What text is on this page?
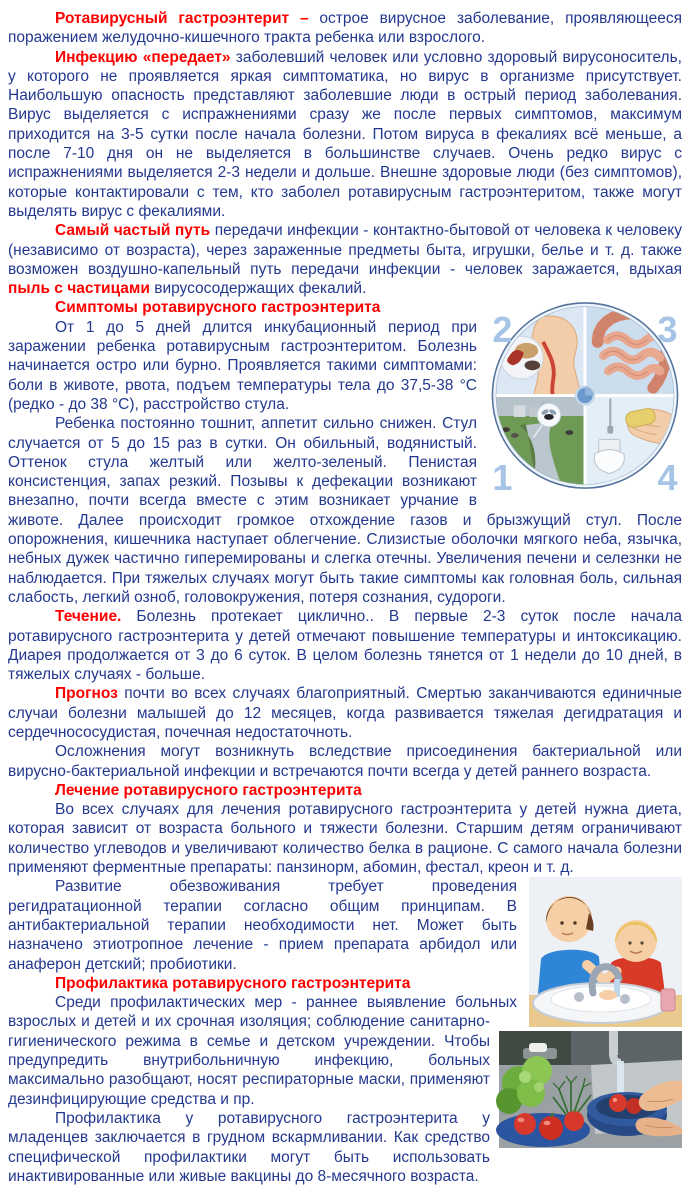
Ротавирусный гастроэнтерит – острое вирусное заболевание, проявляющееся поражением желудочно-кишечного тракта ребенка или взрослого.

Инфекцию «передает» заболевший человек или условно здоровый вирусоноситель, у которого не проявляется яркая симптоматика, но вирус в организме присутствует. Наибольшую опасность представляют заболевшие люди в острый период заболевания. Вирус выделяется с испражнениями сразу же после первых симптомов, максимум приходится на 3-5 сутки после начала болезни. Потом вируса в фекалиях всё меньше, а после 7-10 дня он не выделяется в большинстве случаев. Очень редко вирус с испражнениями выделяется 2-3 недели и дольше. Внешне здоровые люди (без симптомов), которые контактировали с тем, кто заболел ротавирусным гастроэнтеритом, также могут выделять вирус с фекалиями.

Самый частый путь передачи инфекции - контактно-бытовой от человека к человеку (независимо от возраста), через зараженные предметы быта, игрушки, белье и т. д. также возможен воздушно-капельный путь передачи инфекции - человек заражается, вдыхая пыль с частицами вирусосодержащих фекалий.

2	3
1	4
Симптомы ротавирусного гастроэнтерита

От 1 до 5 дней длится инкубационный период при заражении ребенка ротавирусным гастроэнтеритом. Болезнь начинается остро или бурно. Проявляется такими симптомами: боли в животе, рвота, подъем температуры тела до 37,5-38 °С (редко - до 38 °С), расстройство стула.

Ребенка постоянно тошнит, аппетит сильно снижен. Стул случается от 5 до 15 раз в сутки. Он обильный, водянистый. Оттенок стула желтый или желто-зеленый. Пенистая консистенция, запах резкий. Позывы к дефекации возникают внезапно, почти всегда вместе с этим возникает урчание в животе. Далее происходит громкое отхождение газов и брызжущий стул. После опорожнения, кишечника наступает облегчение. Слизистые оболочки мягкого неба, язычка, небных дужек частично гиперемированы и слегка отечны. Увеличения печени и селезнки не наблюдается. При тяжелых случаях могут быть такие симптомы как головная боль, сильная слабость, легкий озноб, головокружения, потеря сознания, судороги.

Течение. Болезнь протекает циклично.. В первые 2-3 суток после начала ротавирусного гастроэнтерита у детей отмечают повышение температуры и интоксикацию. Диарея продолжается от 3 до 6 суток. В целом болезнь тянется от 1 недели до 10 дней, в тяжелых случаях - больше.

Прогноз почти во всех случаях благоприятный. Смертью заканчиваются единичные случаи болезни малышей до 12 месяцев, когда развивается тяжелая дегидратация и сердечнососудистая, почечная недостаточноть.

Осложнения могут возникнуть вследствие присоединения бактериальной или вирусно-бактериальной инфекции и встречаются почти всегда у детей раннего возраста.

Лечение ротавирусного гастроэнтерита

Во всех случаях для лечения ротавирусного гастроэнтерита у детей нужна диета, которая зависит от возраста больного и тяжести болезни. Старшим детям ограничивают количество углеводов и увеличивают количество белка в рационе. С самого начала болезни применяют ферментные препараты: панзинорм, абомин, фестал, креон и т. д.

Развитие обезвоживания требует проведения регидратационной терапии согласно общим принципам. В антибактериальной терапии необходимости нет. Может быть назначено этиотропное лечение - прием препарата арбидол или анаферон детский; пробиотики.

Профилактика ротавирусного гастроэнтерита

Среди профилактических мер - раннее выявление больных взрослых и детей и их срочная изоляция; соблюдение санитарно-гигиенического режима в семье и детском учреждении. Чтобы предупредить внутрибольничную инфекцию, больных максимально разобщают, носят респираторные маски, применяют дезинфицирующие средства и пр.

Профилактика у ротавирусного гастроэнтерита у младенцев заключается в грудном вскармливании. Как средство специфической профилактики могут быть использовать инактивированные или живые вакцины до 8-месячного возраста.
